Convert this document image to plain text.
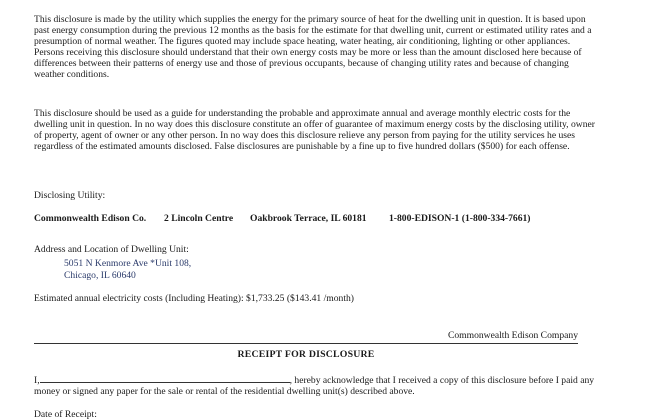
This disclosure is made by the utility which supplies the energy for the primary source of heat for the dwelling unit in question. It is based upon past energy consumption during the previous 12 months as the basis for the estimate for that dwelling unit, current or estimated utility rates and a presumption of normal weather. The figures quoted may include space heating, water heating, air conditioning, lighting or other appliances. Persons receiving this disclosure should understand that their own energy costs may be more or less than the amount disclosed here because of differences between their patterns of energy use and those of previous occupants, because of changing utility rates and because of changing weather conditions.
This disclosure should be used as a guide for understanding the probable and approximate annual and average monthly electric costs for the dwelling unit in question. In no way does this disclosure constitute an offer of guarantee of maximum energy costs by the disclosing utility, owner of property, agent of owner or any other person. In no way does this disclosure relieve any person from paying for the utility services he uses regardless of the estimated amounts disclosed. False disclosures are punishable by a fine up to five hundred dollars ($500) for each offense.
Disclosing Utility:
Commonwealth Edison Co. 2 Lincoln Centre Oakbrook Terrace, IL 60181 1-800-EDISON-1 (1-800-334-7661)
Address and Location of Dwelling Unit:
5051 N Kenmore Ave *Unit 108,
Chicago, IL 60640
Estimated annual electricity costs (Including Heating): $1,733.25 ($143.41 /month)
Commonwealth Edison Company
RECEIPT FOR DISCLOSURE
I,	, hereby acknowledge that I received a copy of this disclosure before I paid any money or signed any paper for the sale or rental of the residential dwelling unit(s) described above.
Date of Receipt:
